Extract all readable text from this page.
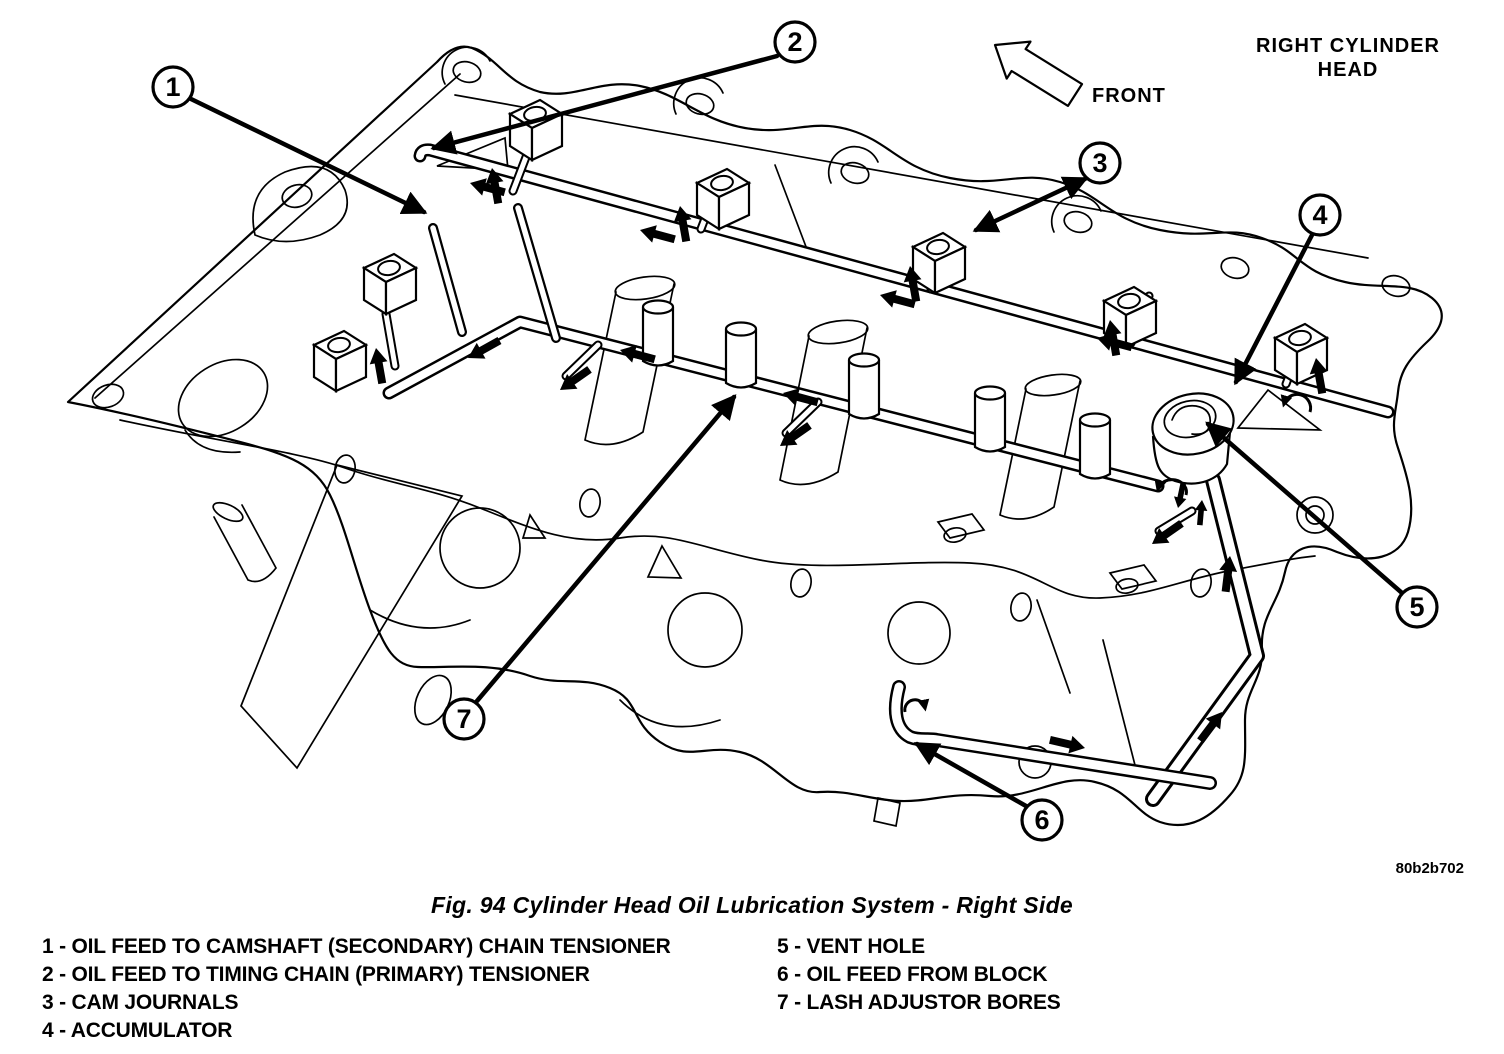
1
2
3
4
5
6
7
FRONT
RIGHT CYLINDER
HEAD
80b2b702
Fig. 94 Cylinder Head Oil Lubrication System - Right Side
1 - OIL FEED TO CAMSHAFT (SECONDARY) CHAIN TENSIONER
2 - OIL FEED TO TIMING CHAIN (PRIMARY) TENSIONER
3 - CAM JOURNALS
4 - ACCUMULATOR
5 - VENT HOLE
6 - OIL FEED FROM BLOCK
7 - LASH ADJUSTOR BORES
